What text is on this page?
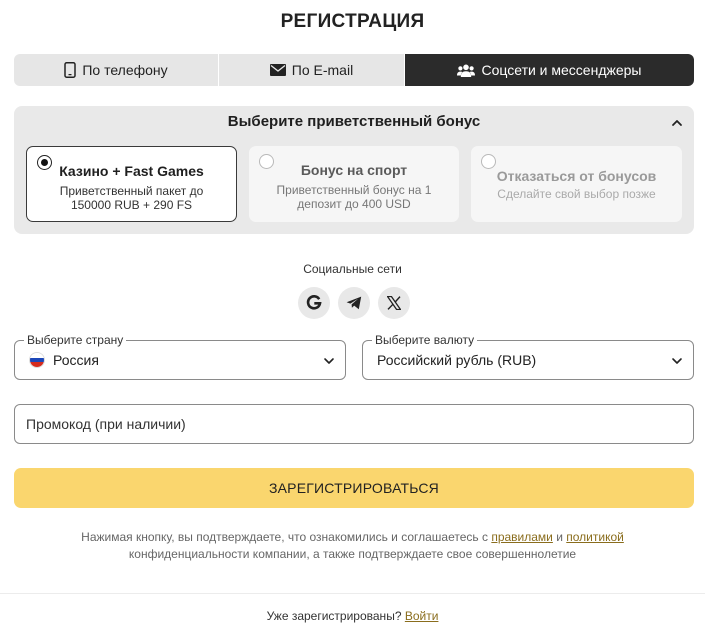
РЕГИСТРАЦИЯ
По телефону	По E-mail	Соцсети и мессенджеры
Выберите приветственный бонус
Казино + Fast Games
Приветственный пакет до 150000 RUB + 290 FS
Бонус на спорт
Приветственный бонус на 1 депозит до 400 USD
Отказаться от бонусов
Сделайте свой выбор позже
Социальные сети
Выберите страну
Россия
Выберите валюту
Российский рубль (RUB)
Промокод (при наличии)
ЗАРЕГИСТРИРОВАТЬСЯ
Нажимая кнопку, вы подтверждаете, что ознакомились и соглашаетесь с правилами и политикой конфиденциальности компании, а также подтверждаете свое совершеннолетие
Уже зарегистрированы? Войти
